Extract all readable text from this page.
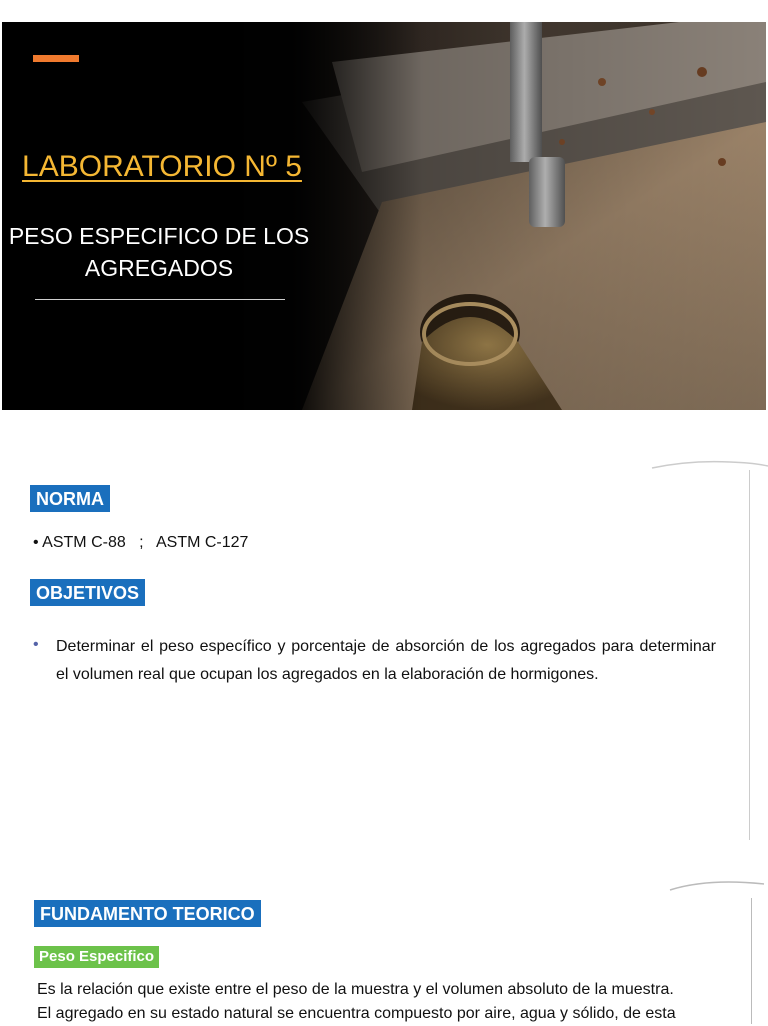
LABORATORIO Nº 5
PESO ESPECIFICO DE LOS
AGREGADOS
NORMA
• ASTM C-88   ;   ASTM C-127
OBJETIVOS
• Determinar el peso específico y porcentaje de absorción de los agregados para determinar el volumen real que ocupan los agregados en la elaboración de hormigones.
FUNDAMENTO TEORICO
Peso Especifico
Es la relación que existe entre el peso de la muestra y el volumen absoluto de la muestra.
El agregado en su estado natural se encuentra compuesto por aire, agua y sólido, de esta
